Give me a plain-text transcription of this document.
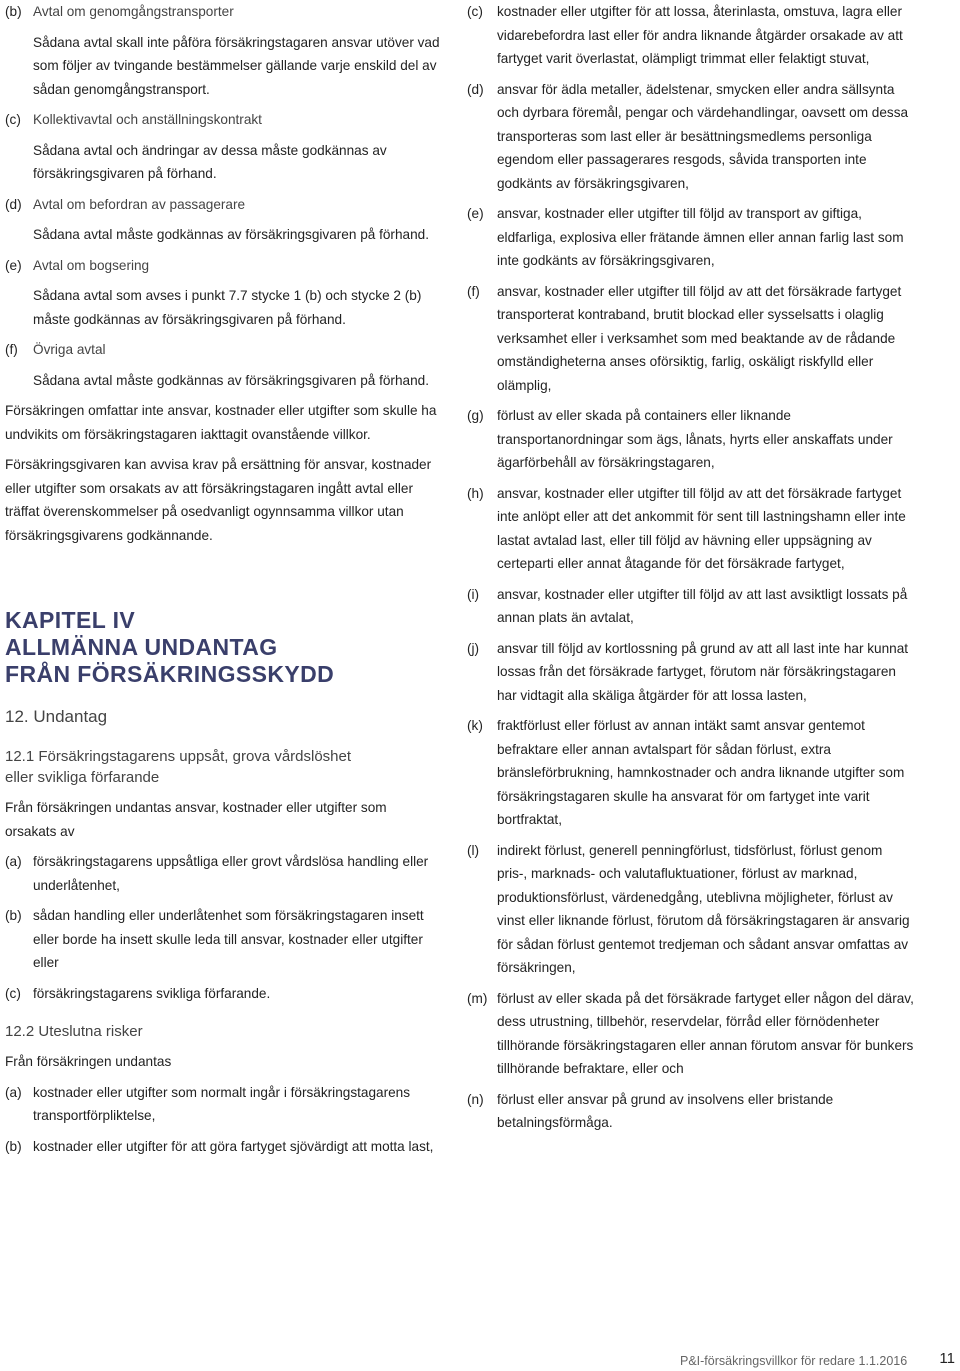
(b) Avtal om genomgångstransporter
Sådana avtal skall inte påföra försäkringstagaren ansvar utöver vad som följer av tvingande bestämmelser gällande varje enskild del av sådan genomgångstransport.
(c) Kollektivavtal och anställningskontrakt
Sådana avtal och ändringar av dessa måste godkännas av försäkringsgivaren på förhand.
(d) Avtal om befordran av passagerare
Sådana avtal måste godkännas av försäkringsgivaren på förhand.
(e) Avtal om bogsering
Sådana avtal som avses i punkt 7.7 stycke 1 (b) och stycke 2 (b) måste godkännas av försäkringsgivaren på förhand.
(f)	Övriga avtal
Sådana avtal måste godkännas av försäkringsgivaren på förhand.
Försäkringen omfattar inte ansvar, kostnader eller utgifter som skulle ha undvikits om försäkringstagaren iakttagit ovanstående villkor.
Försäkringsgivaren kan avvisa krav på ersättning för ansvar, kostnader eller utgifter som orsakats av att försäkringstagaren ingått avtal eller träffat överenskommelser på osedvanligt ogynnsamma villkor utan försäkringsgivarens godkännande.
KAPITEL IV
ALLMÄNNA UNDANTAG
FRÅN FÖRSÄKRINGSSKYDD
12. Undantag
12.1 Försäkringstagarens uppsåt, grova vårdslöshet
eller svikliga förfarande
Från försäkringen undantas ansvar, kostnader eller utgifter som orsakats av
(a) försäkringstagarens uppsåtliga eller grovt vårdslösa handling eller underlåtenhet,
(b) sådan handling eller underlåtenhet som försäkringstagaren insett eller borde ha insett skulle leda till ansvar, kostnader eller utgifter eller
(c) försäkringstagarens svikliga förfarande.
12.2 Uteslutna risker
Från försäkringen undantas
(a) kostnader eller utgifter som normalt ingår i försäkringstagarens transportförpliktelse,
(b) kostnader eller utgifter för att göra fartyget sjövärdigt att motta last,
(c)	kostnader eller utgifter för att lossa, återinlasta, omstuva, lagra eller vidarebefordra last eller för andra liknande åtgärder orsakade av att fartyget varit överlastat, olämpligt trimmat eller felaktigt stuvat,
(d) ansvar för ädla metaller, ädelstenar, smycken eller andra sällsynta och dyrbara föremål, pengar och värdehandlingar, oavsett om dessa transporteras som last eller är besättningsmedlems personliga egendom eller passagerares resgods, såvida transporten inte godkänts av försäkringsgivaren,
(e) ansvar, kostnader eller utgifter till följd av transport av giftiga, eldfarliga, explosiva eller frätande ämnen eller annan farlig last som inte godkänts av försäkringsgivaren,
(f)	ansvar, kostnader eller utgifter till följd av att det försäkrade fartyget transporterat kontraband, brutit blockad eller sysselsatts i olaglig verksamhet eller i verksamhet som med beaktande av de rådande omständigheterna anses oförsiktig, farlig, oskäligt riskfylld eller olämplig,
(g) förlust av eller skada på containers eller liknande transportanordningar som ägs, lånats, hyrts eller anskaffats under ägarförbehåll av försäkringstagaren,
(h) ansvar, kostnader eller utgifter till följd av att det försäkrade fartyget inte anlöpt eller att det ankommit för sent till lastningshamn eller inte lastat avtalad last, eller till följd av hävning eller uppsägning av certeparti eller annat åtagande för det försäkrade fartyget,
(i)	ansvar, kostnader eller utgifter till följd av att last avsiktligt lossats på annan plats än avtalat,
(j)	ansvar till följd av kortlossning på grund av att all last inte har kunnat lossas från det försäkrade fartyget, förutom när försäkringstagaren har vidtagit alla skäliga åtgärder för att lossa lasten,
(k)	fraktförlust eller förlust av annan intäkt samt ansvar gentemot befraktare eller annan avtalspart för sådan förlust, extra bränsleförbrukning, hamnkostnader och andra liknande utgifter som försäkringstagaren skulle ha ansvarat för om fartyget inte varit bortfraktat,
(l)	indirekt förlust, generell penningförlust, tidsförlust, förlust genom pris-, marknads- och valutafluktuationer, förlust av marknad, produktionsförlust, värdenedgång, uteblivna möjligheter, förlust av vinst eller liknande förlust, förutom då försäkringstagaren är ansvarig för sådan förlust gentemot tredjeman och sådant ansvar omfattas av försäkringen,
(m) förlust av eller skada på det försäkrade fartyget eller någon del därav, dess utrustning, tillbehör, reservdelar, förråd eller förnödenheter tillhörande försäkringstagaren eller annan förutom ansvar för bunkers tillhörande befraktare, eller och
(n) förlust eller ansvar på grund av insolvens eller bristande betalningsförmåga.
P&I-försäkringsvillkor för redare 1.1.2016 11
